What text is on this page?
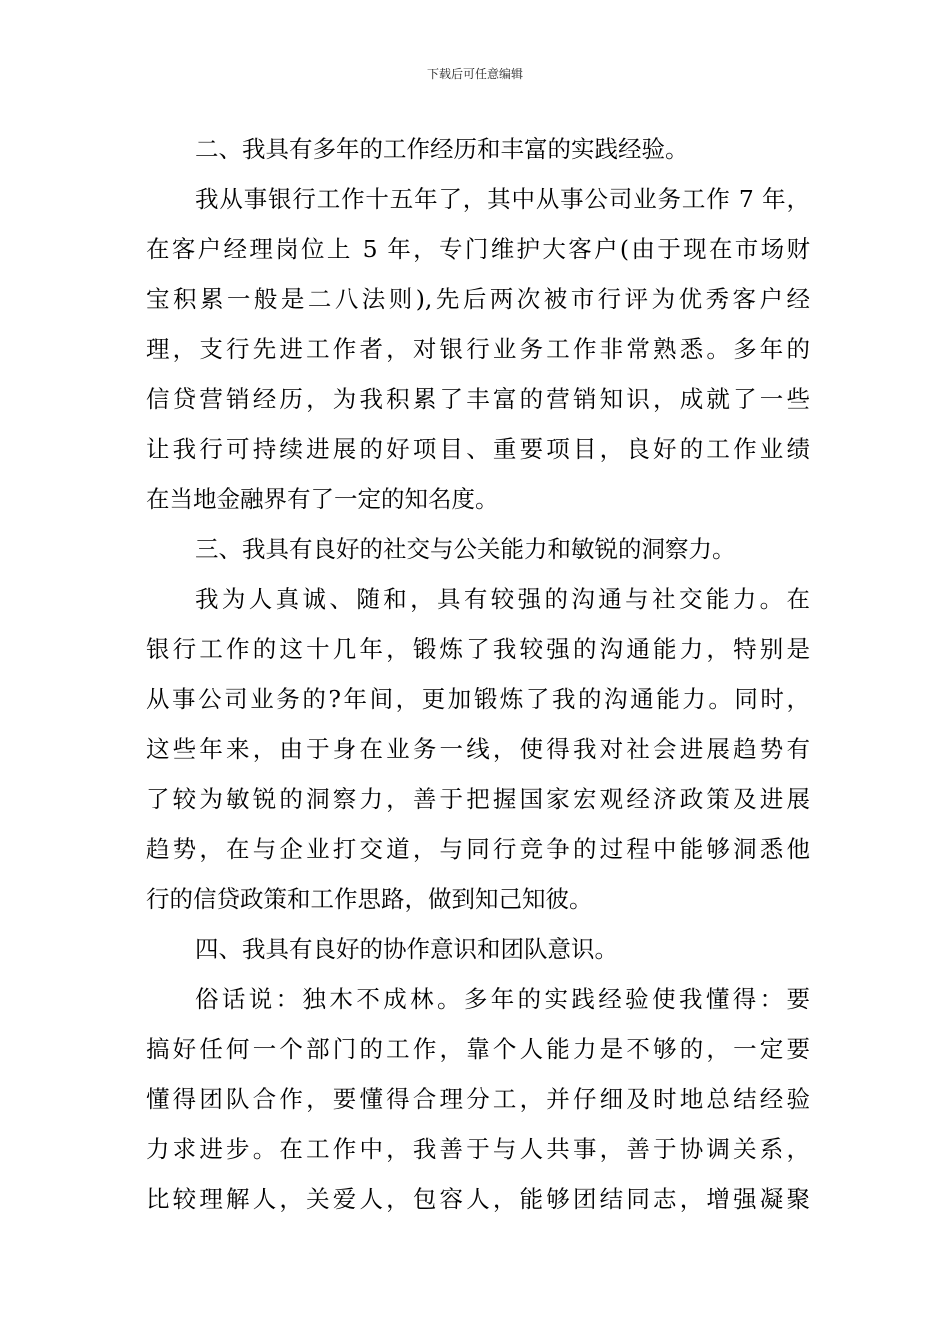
下载后可任意编辑
二、我具有多年的工作经历和丰富的实践经验。
我从事银行工作十五年了，其中从事公司业务工作 7 年，
在客户经理岗位上 5 年，专门维护大客户(由于现在市场财
宝积累一般是二八法则),先后两次被市行评为优秀客户经
理，支行先进工作者，对银行业务工作非常熟悉。多年的
信贷营销经历，为我积累了丰富的营销知识，成就了一些
让我行可持续进展的好项目、重要项目，良好的工作业绩
在当地金融界有了一定的知名度。
三、我具有良好的社交与公关能力和敏锐的洞察力。
我为人真诚、随和，具有较强的沟通与社交能力。在
银行工作的这十几年，锻炼了我较强的沟通能力，特别是
从事公司业务的?年间，更加锻炼了我的沟通能力。同时，
这些年来，由于身在业务一线，使得我对社会进展趋势有
了较为敏锐的洞察力，善于把握国家宏观经济政策及进展
趋势，在与企业打交道，与同行竞争的过程中能够洞悉他
行的信贷政策和工作思路，做到知己知彼。
四、我具有良好的协作意识和团队意识。
俗话说：独木不成林。多年的实践经验使我懂得：要
搞好任何一个部门的工作，靠个人能力是不够的，一定要
懂得团队合作，要懂得合理分工，并仔细及时地总结经验
力求进步。在工作中，我善于与人共事，善于协调关系，
比较理解人，关爱人，包容人，能够团结同志，增强凝聚
